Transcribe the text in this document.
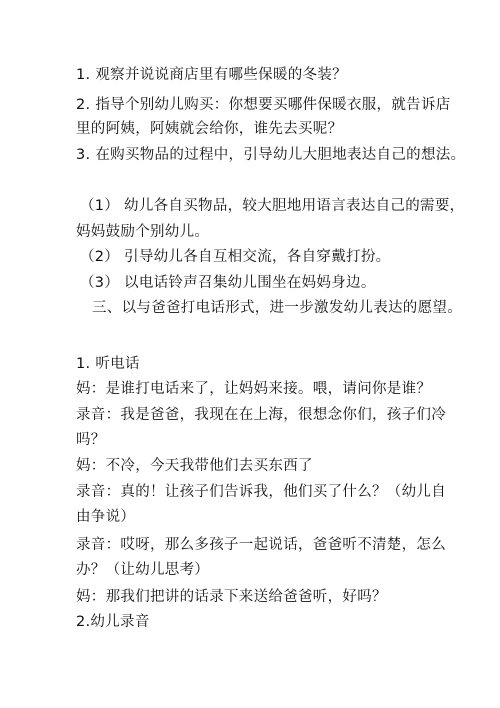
1. 观察并说说商店里有哪些保暖的冬装？
2. 指导个别幼儿购买：你想要买哪件保暖衣服，就告诉店
里的阿姨，阿姨就会给你，谁先去买呢？
3. 在购买物品的过程中，引导幼儿大胆地表达自己的想法。
（1） 幼儿各自买物品，较大胆地用语言表达自己的需要，
妈妈鼓励个别幼儿。
（2） 引导幼儿各自互相交流，各自穿戴打扮。
（3） 以电话铃声召集幼儿围坐在妈妈身边。
三、以与爸爸打电话形式，进一步激发幼儿表达的愿望。
1. 听电话
妈：是谁打电话来了，让妈妈来接。喂，请问你是谁？
录音：我是爸爸，我现在在上海，很想念你们，孩子们冷
吗？
妈：不冷，今天我带他们去买东西了
录音：真的！让孩子们告诉我，他们买了什么？（幼儿自
由争说）
录音：哎呀，那么多孩子一起说话，爸爸听不清楚，怎么
办？（让幼儿思考）
妈：那我们把讲的话录下来送给爸爸听，好吗？
2.幼儿录音
